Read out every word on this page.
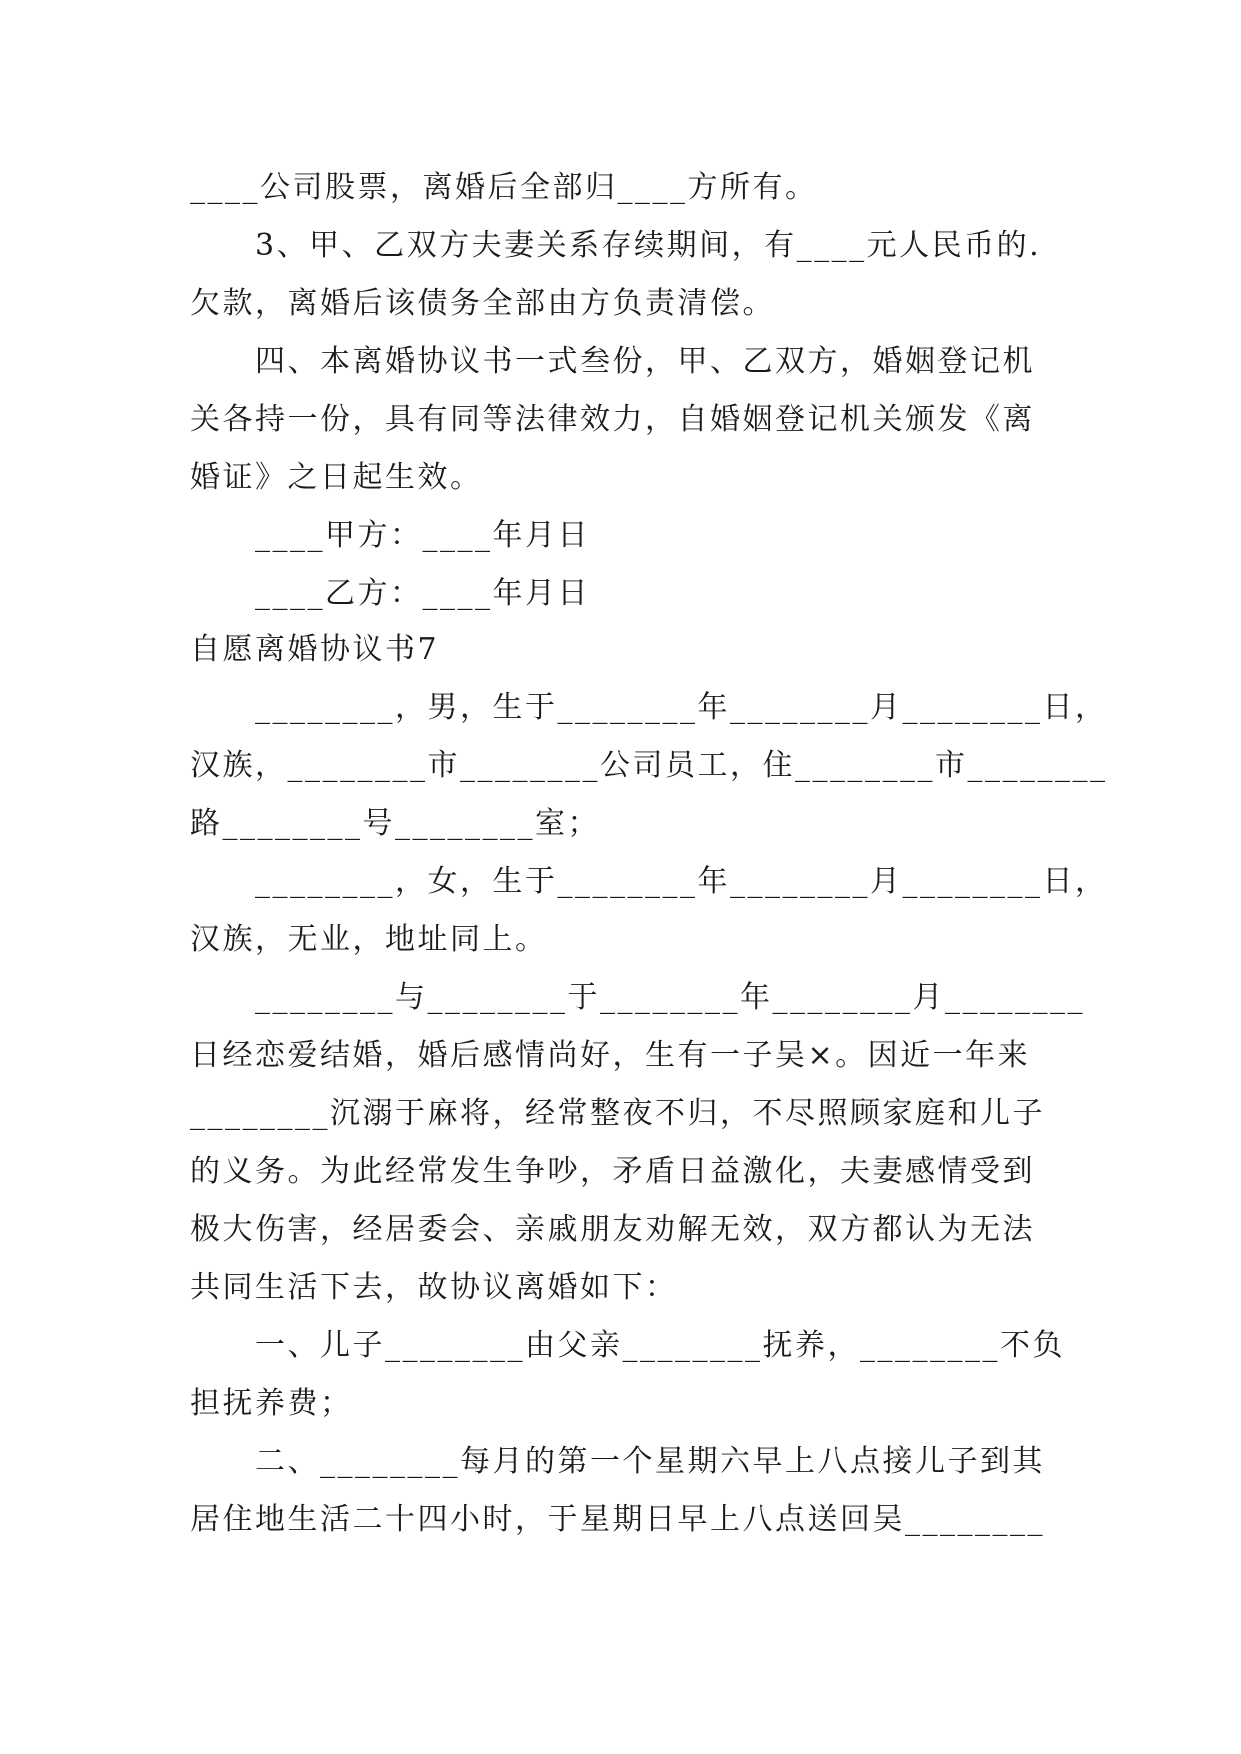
____公司股票，离婚后全部归____方所有。
3、甲、乙双方夫妻关系存续期间，有____元人民币的.
欠款，离婚后该债务全部由方负责清偿。
四、本离婚协议书一式叁份，甲、乙双方，婚姻登记机
关各持一份，具有同等法律效力，自婚姻登记机关颁发《离
婚证》之日起生效。
____甲方：____年月日
____乙方：____年月日
自愿离婚协议书7
________，男，生于________年________月________日，
汉族，________市________公司员工，住________市________
路________号________室；
________，女，生于________年________月________日，
汉族，无业，地址同上。
________与________于________年________月________
日经恋爱结婚，婚后感情尚好，生有一子吴×。因近一年来
________沉溺于麻将，经常整夜不归，不尽照顾家庭和儿子
的义务。为此经常发生争吵，矛盾日益激化，夫妻感情受到
极大伤害，经居委会、亲戚朋友劝解无效，双方都认为无法
共同生活下去，故协议离婚如下：
一、儿子________由父亲________抚养，________不负
担抚养费；
二、________每月的第一个星期六早上八点接儿子到其
居住地生活二十四小时，于星期日早上八点送回吴________
